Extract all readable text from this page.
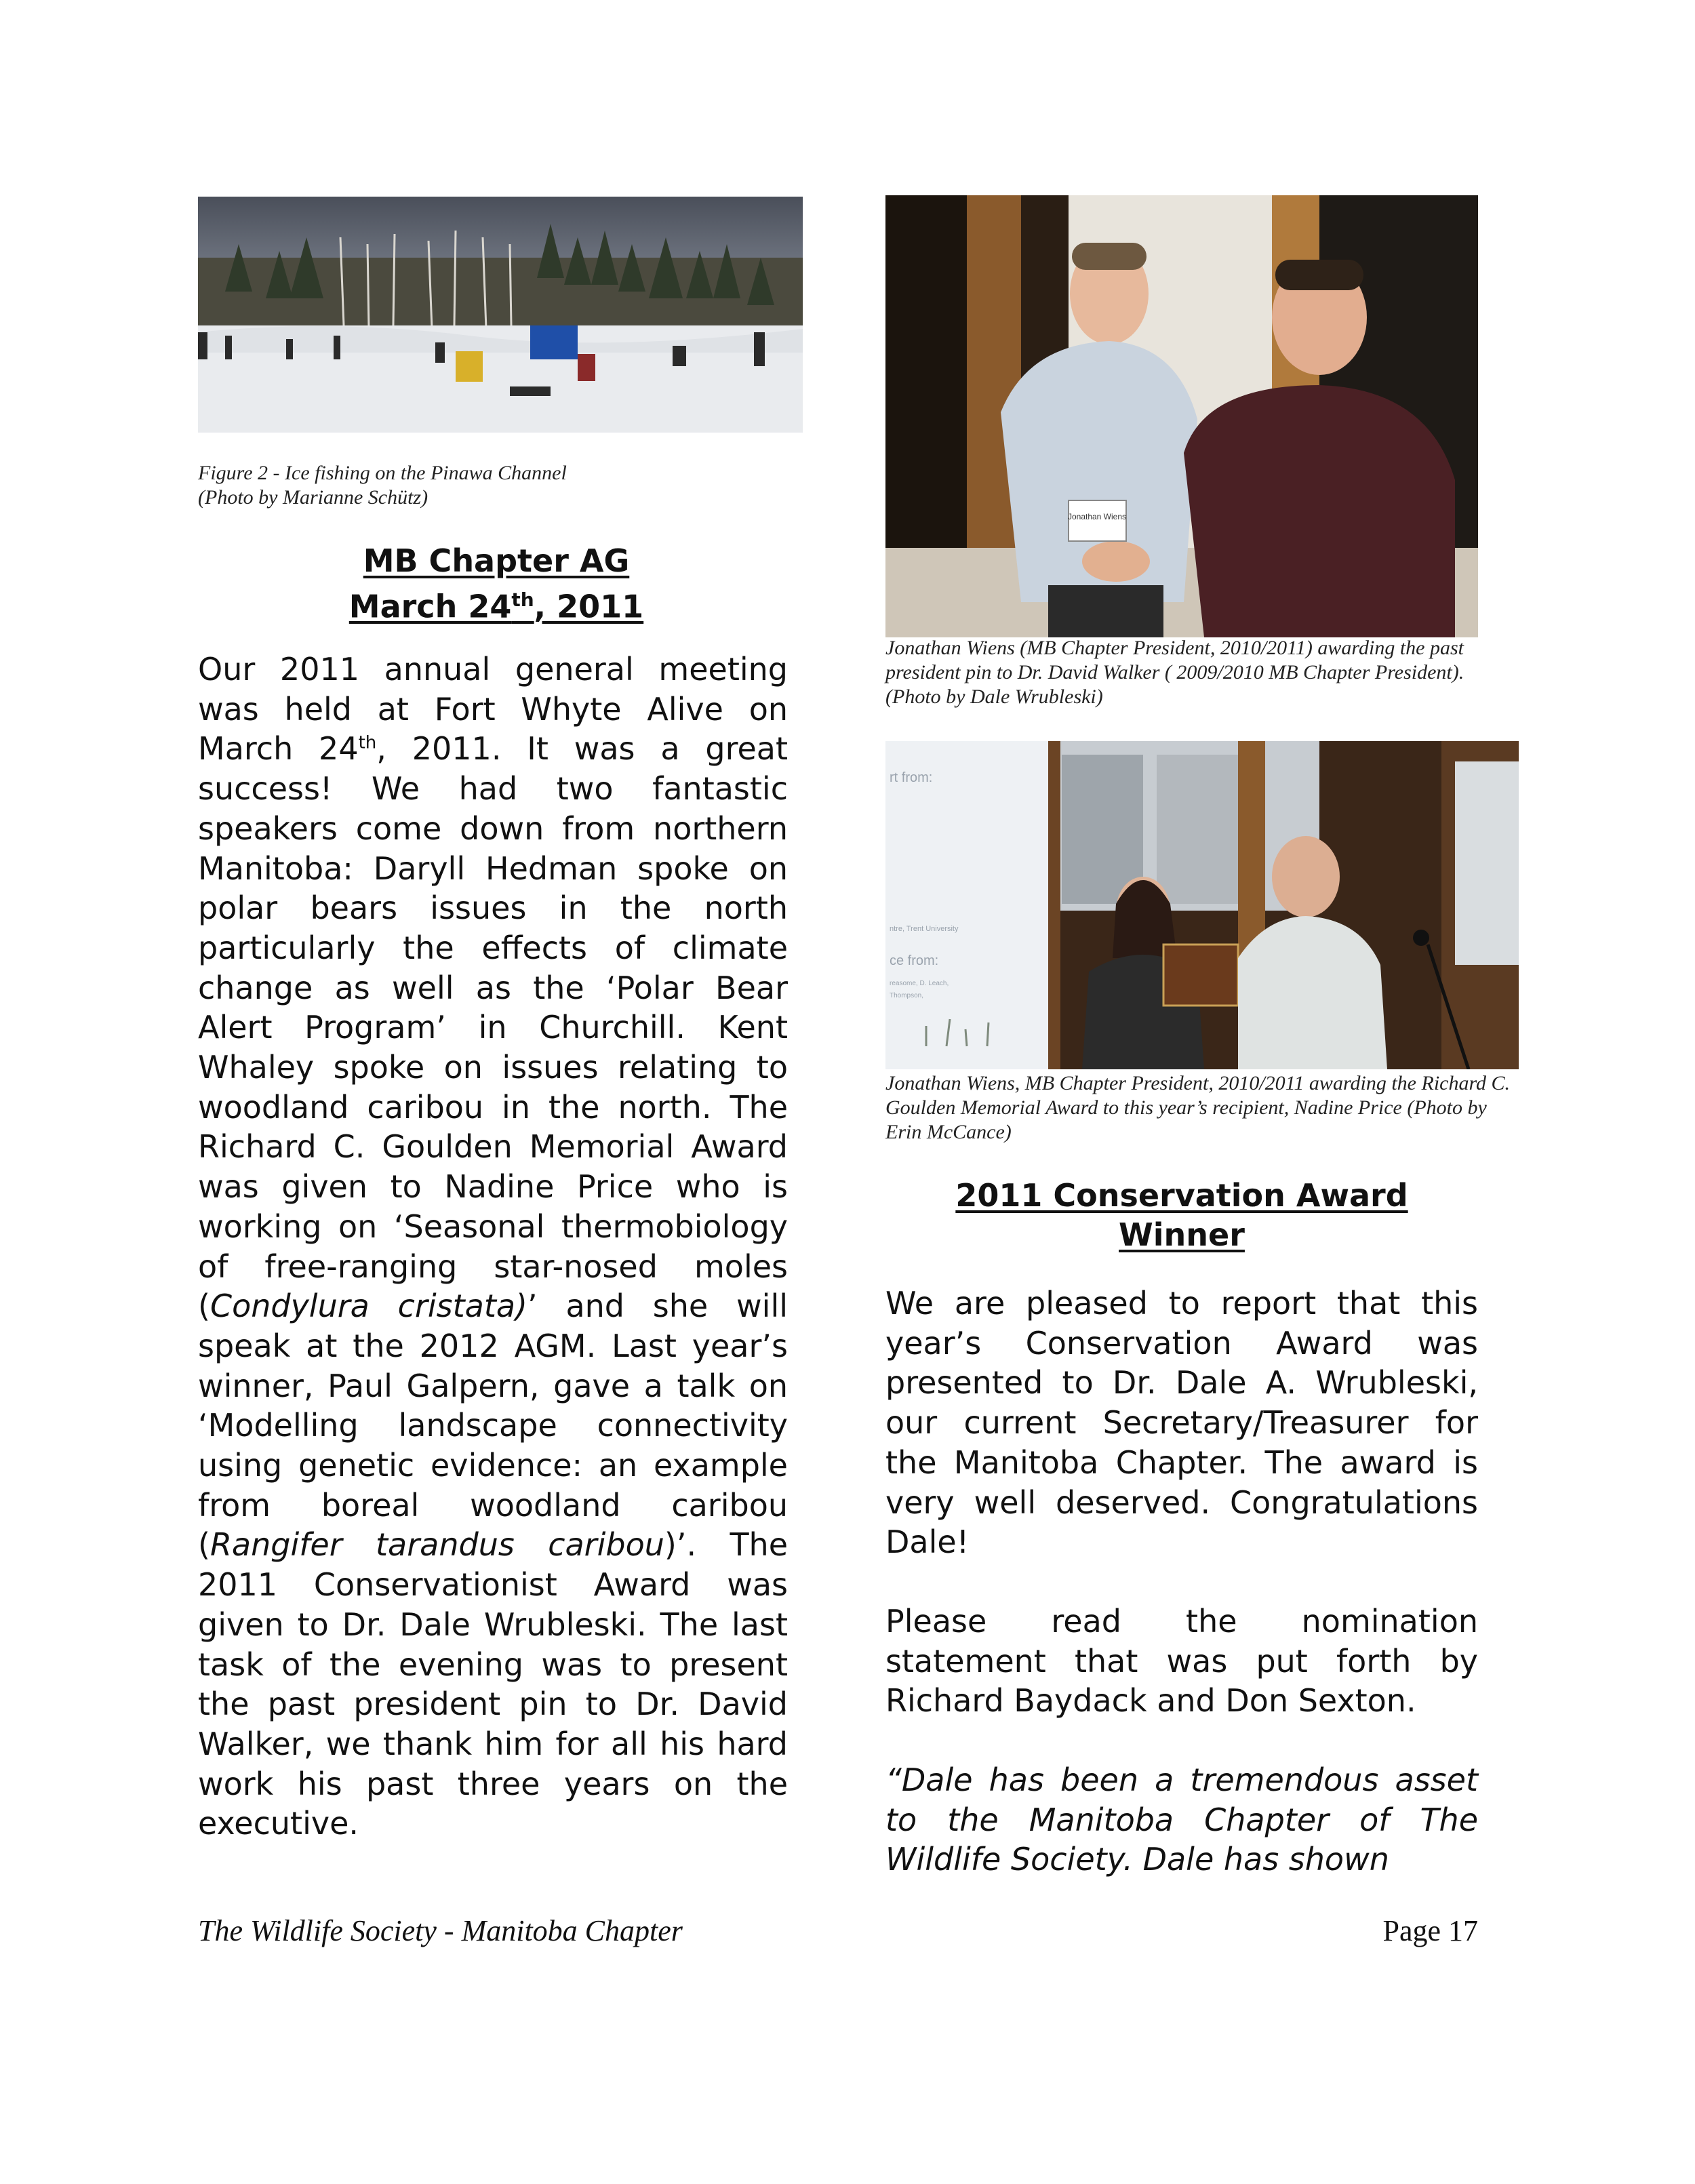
Figure 2 - Ice fishing on the Pinawa Channel
(Photo by Marianne Schütz)
MB Chapter AG
March 24th, 2011

Our 2011 annual general meeting was held at Fort Whyte Alive on March 24th, 2011. It was a great success! We had two fantastic speakers come down from northern Manitoba: Daryll Hedman spoke on polar bears issues in the north particularly the effects of climate change as well as the ‘Polar Bear Alert Program’ in Churchill. Kent Whaley spoke on issues relating to woodland caribou in the north. The Richard C. Goulden Memorial Award was given to Nadine Price who is working on ‘Seasonal thermobiology of free-ranging star-nosed moles (Condylura cristata)’ and she will speak at the 2012 AGM. Last year’s winner, Paul Galpern, gave a talk on ‘Modelling landscape connectivity using genetic evidence: an example from boreal woodland caribou (Rangifer tarandus caribou)’. The 2011 Conservationist Award was given to Dr. Dale Wrubleski. The last task of the evening was to present the past president pin to Dr. David Walker, we thank him for all his hard work his past three years on the executive.

Jonathan Wiens
Jonathan Wiens (MB Chapter President, 2010/2011) awarding the past president pin to Dr. David Walker ( 2009/2010 MB Chapter President). (Photo by Dale Wrubleski)
rt from:
ntre, Trent University
ce from:
reasome, D. Leach,
Thompson,
Jonathan Wiens, MB Chapter President, 2010/2011 awarding the Richard C. Goulden Memorial Award to this year’s recipient, Nadine Price (Photo by Erin McCance)
2011 Conservation Award
Winner

We are pleased to report that this year’s Conservation Award was presented to Dr. Dale A. Wrubleski, our current Secretary/Treasurer for the Manitoba Chapter. The award is very well deserved. Congratulations Dale!

Please read the nomination statement that was put forth by Richard Baydack and Don Sexton.

“Dale has been a tremendous asset to the Manitoba Chapter of The Wildlife Society. Dale has shown

The Wildlife Society - Manitoba Chapter	Page 17
